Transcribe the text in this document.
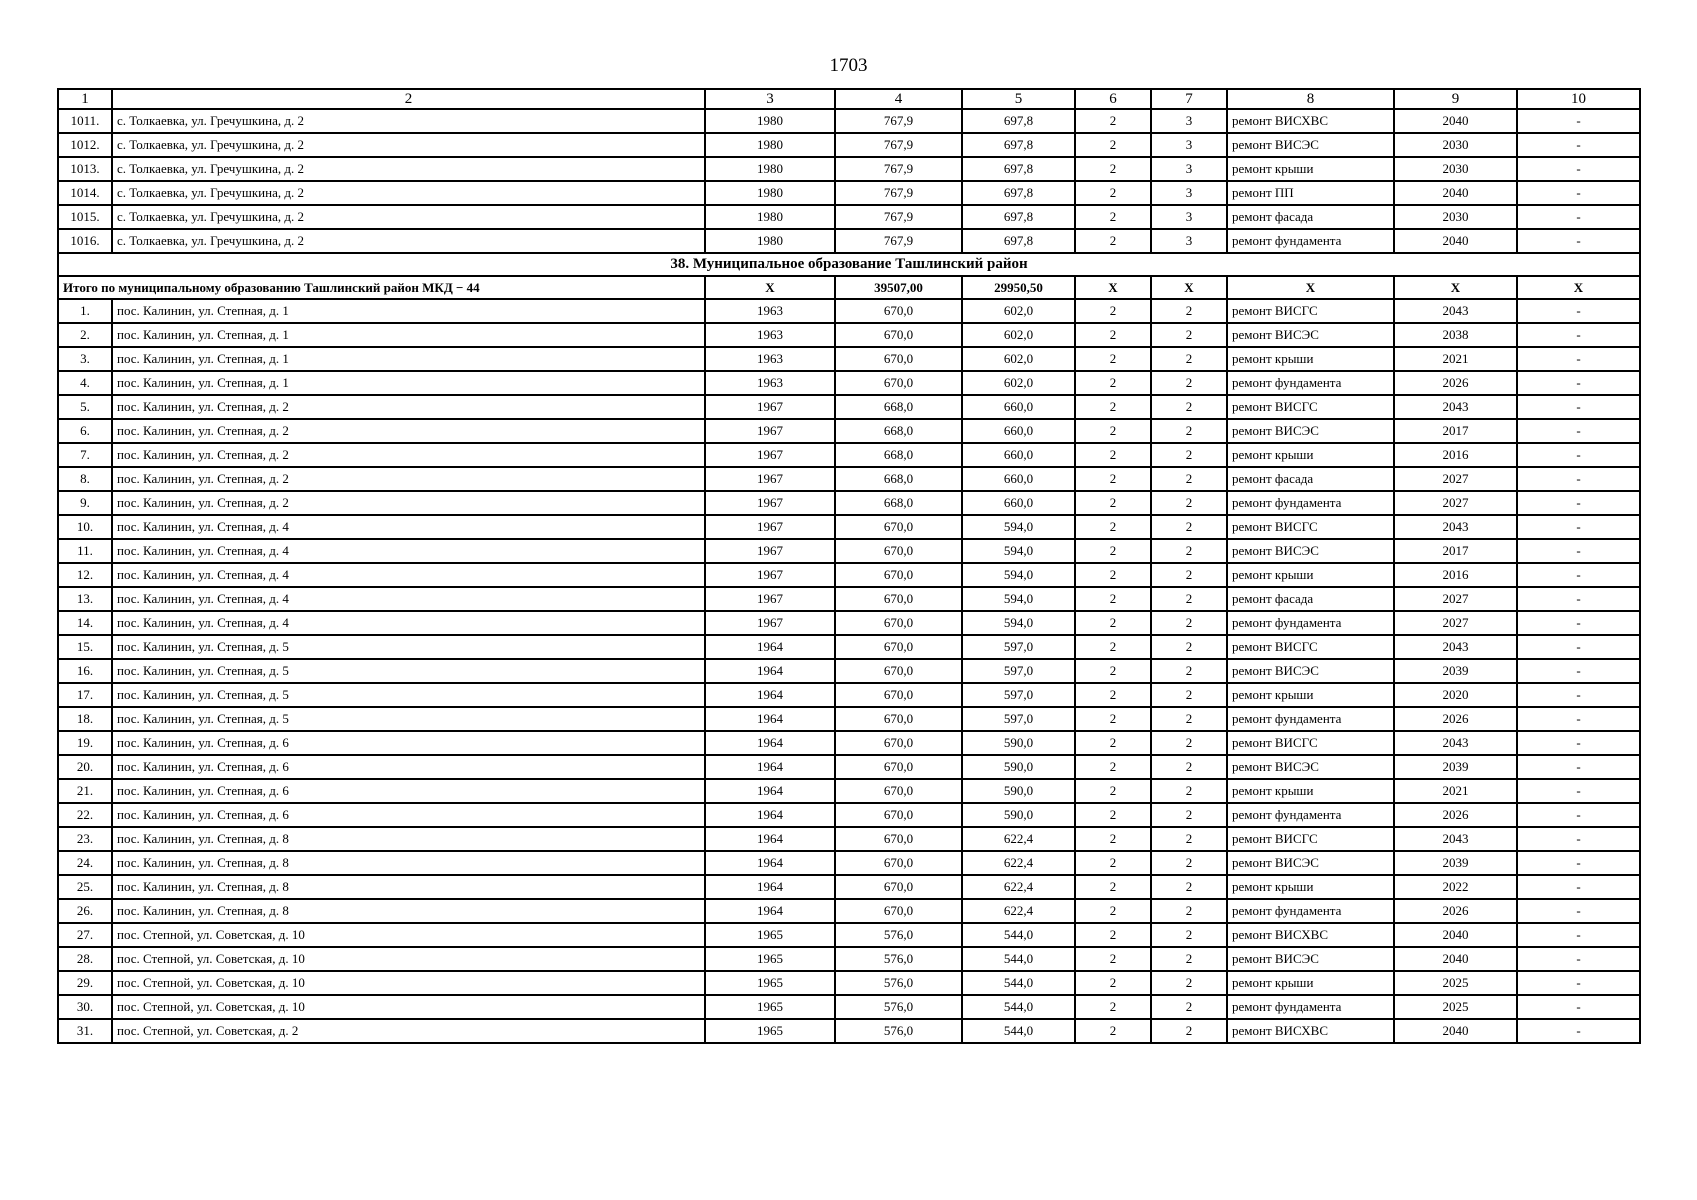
1703
1	2	3	4	5	6	7	8	9	10
1011.	с. Толкаевка, ул. Гречушкина, д. 2	1980	767,9	697,8	2	3	ремонт ВИСХВС	2040	-
1012.	с. Толкаевка, ул. Гречушкина, д. 2	1980	767,9	697,8	2	3	ремонт ВИСЭС	2030	-
1013.	с. Толкаевка, ул. Гречушкина, д. 2	1980	767,9	697,8	2	3	ремонт крыши	2030	-
1014.	с. Толкаевка, ул. Гречушкина, д. 2	1980	767,9	697,8	2	3	ремонт ПП	2040	-
1015.	с. Толкаевка, ул. Гречушкина, д. 2	1980	767,9	697,8	2	3	ремонт фасада	2030	-
1016.	с. Толкаевка, ул. Гречушкина, д. 2	1980	767,9	697,8	2	3	ремонт фундамента	2040	-
38. Муниципальное образование Ташлинский район									
Итого по муниципальному образованию Ташлинский район МКД − 44		Х	39507,00	29950,50	Х	Х	Х	Х	Х
1.	пос. Калинин, ул. Степная, д. 1	1963	670,0	602,0	2	2	ремонт ВИСГС	2043	-
2.	пос. Калинин, ул. Степная, д. 1	1963	670,0	602,0	2	2	ремонт ВИСЭС	2038	-
3.	пос. Калинин, ул. Степная, д. 1	1963	670,0	602,0	2	2	ремонт крыши	2021	-
4.	пос. Калинин, ул. Степная, д. 1	1963	670,0	602,0	2	2	ремонт фундамента	2026	-
5.	пос. Калинин, ул. Степная, д. 2	1967	668,0	660,0	2	2	ремонт ВИСГС	2043	-
6.	пос. Калинин, ул. Степная, д. 2	1967	668,0	660,0	2	2	ремонт ВИСЭС	2017	-
7.	пос. Калинин, ул. Степная, д. 2	1967	668,0	660,0	2	2	ремонт крыши	2016	-
8.	пос. Калинин, ул. Степная, д. 2	1967	668,0	660,0	2	2	ремонт фасада	2027	-
9.	пос. Калинин, ул. Степная, д. 2	1967	668,0	660,0	2	2	ремонт фундамента	2027	-
10.	пос. Калинин, ул. Степная, д. 4	1967	670,0	594,0	2	2	ремонт ВИСГС	2043	-
11.	пос. Калинин, ул. Степная, д. 4	1967	670,0	594,0	2	2	ремонт ВИСЭС	2017	-
12.	пос. Калинин, ул. Степная, д. 4	1967	670,0	594,0	2	2	ремонт крыши	2016	-
13.	пос. Калинин, ул. Степная, д. 4	1967	670,0	594,0	2	2	ремонт фасада	2027	-
14.	пос. Калинин, ул. Степная, д. 4	1967	670,0	594,0	2	2	ремонт фундамента	2027	-
15.	пос. Калинин, ул. Степная, д. 5	1964	670,0	597,0	2	2	ремонт ВИСГС	2043	-
16.	пос. Калинин, ул. Степная, д. 5	1964	670,0	597,0	2	2	ремонт ВИСЭС	2039	-
17.	пос. Калинин, ул. Степная, д. 5	1964	670,0	597,0	2	2	ремонт крыши	2020	-
18.	пос. Калинин, ул. Степная, д. 5	1964	670,0	597,0	2	2	ремонт фундамента	2026	-
19.	пос. Калинин, ул. Степная, д. 6	1964	670,0	590,0	2	2	ремонт ВИСГС	2043	-
20.	пос. Калинин, ул. Степная, д. 6	1964	670,0	590,0	2	2	ремонт ВИСЭС	2039	-
21.	пос. Калинин, ул. Степная, д. 6	1964	670,0	590,0	2	2	ремонт крыши	2021	-
22.	пос. Калинин, ул. Степная, д. 6	1964	670,0	590,0	2	2	ремонт фундамента	2026	-
23.	пос. Калинин, ул. Степная, д. 8	1964	670,0	622,4	2	2	ремонт ВИСГС	2043	-
24.	пос. Калинин, ул. Степная, д. 8	1964	670,0	622,4	2	2	ремонт ВИСЭС	2039	-
25.	пос. Калинин, ул. Степная, д. 8	1964	670,0	622,4	2	2	ремонт крыши	2022	-
26.	пос. Калинин, ул. Степная, д. 8	1964	670,0	622,4	2	2	ремонт фундамента	2026	-
27.	пос. Степной, ул. Советская, д. 10	1965	576,0	544,0	2	2	ремонт ВИСХВС	2040	-
28.	пос. Степной, ул. Советская, д. 10	1965	576,0	544,0	2	2	ремонт ВИСЭС	2040	-
29.	пос. Степной, ул. Советская, д. 10	1965	576,0	544,0	2	2	ремонт крыши	2025	-
30.	пос. Степной, ул. Советская, д. 10	1965	576,0	544,0	2	2	ремонт фундамента	2025	-
31.	пос. Степной, ул. Советская, д. 2	1965	576,0	544,0	2	2	ремонт ВИСХВС	2040	-
